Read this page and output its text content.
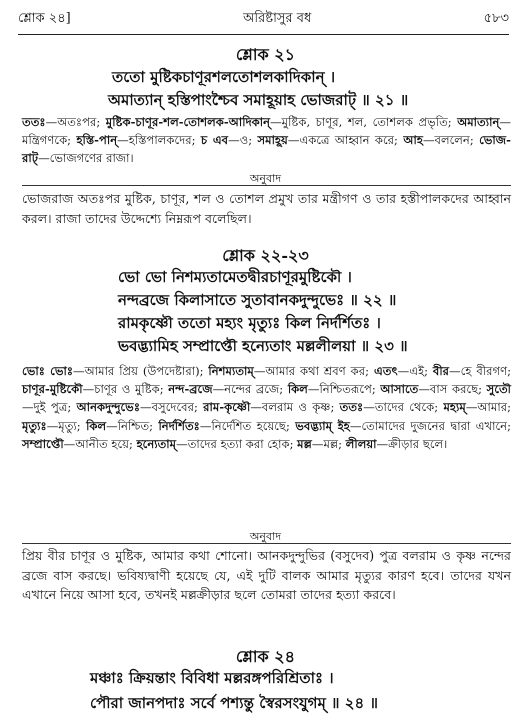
শ্লোক ২৪]	অরিষ্টাসুর বধ	৫৮৩
শ্লোক ২১
ততো মুষ্টিকচাণূরশলতোশলকাদিকান্ ।
অমাত্যান্ হস্তিপাংশ্চৈব সমাহূয়াহ ভোজরাট্ ॥ ২১ ॥
ততঃ—অতঃপর; মুষ্টিক-চাণূর-শল-তোশলক-আদিকান্—মুষ্টিক, চাণূর, শল, তোশলক প্রভৃতি; অমাত্যান্—মন্ত্রিগণকে; হস্তি-পান্—হস্তিপালকদের; চ এব—ও; সমাহূয়—একত্রে আহ্বান করে; আহ—বললেন; ভোজ-রাট্—ভোজগণের রাজা।
অনুবাদ
ভোজরাজ অতঃপর মুষ্টিক, চাণূর, শল ও তোশল প্রমুখ তার মন্ত্রীগণ ও তার হস্তীপালকদের আহ্বান করল। রাজা তাদের উদ্দেশ্যে নিম্নরূপ বলেছিল।
শ্লোক ২২-২৩
ভো ভো নিশম্যতামেতদ্বীরচাণূরমুষ্টিকৌ ।
নন্দব্রজে কিলাসাতে সুতাবানকদুন্দুভেঃ ॥ ২২ ॥
রামকৃষ্ণৌ ততো মহ্যং মৃত্যুঃ কিল নির্দর্শিতঃ ।
ভবদ্ভ্যামিহ সম্প্রাপ্তৌ হন্যেতাং মল্ললীলয়া ॥ ২৩ ॥
ভোঃ ভোঃ—আমার প্রিয় (উপদেষ্টারা); নিশম্যতাম্—আমার কথা শ্রবণ কর; এতৎ—এই; বীর—হে বীরগণ; চাণূর-মুষ্টিকৌ—চাণূর ও মুষ্টিক; নন্দ-ব্রজে—নন্দের ব্রজে; কিল—নিশ্চিতরূপে; আসাতে—বাস করছে; সুতৌ—দুই পুত্র; আনকদুন্দুভেঃ—বসুদেবের; রাম-কৃষ্ণৌ—বলরাম ও কৃষ্ণ; ততঃ—তাদের থেকে; মহ্যম্—আমার; মৃত্যুঃ—মৃত্যু; কিল—নিশ্চিত; নির্দর্শিতঃ—নির্দেশিত হয়েছে; ভবদ্ভ্যাম্ ইহ—তোমাদের দুজনের দ্বারা এখানে; সম্প্রাপ্তৌ—আনীত হয়ে; হন্যেতাম্—তাদের হত্যা করা হোক; মল্ল—মল্ল; লীলয়া—ক্রীড়ার ছলে।
অনুবাদ
প্রিয় বীর চাণূর ও মুষ্টিক, আমার কথা শোনো। আনকদুন্দুভির (বসুদেব) পুত্র বলরাম ও কৃষ্ণ নন্দের ব্রজে বাস করছে। ভবিষ্যদ্বাণী হয়েছে যে, এই দুটি বালক আমার মৃত্যুর কারণ হবে। তাদের যখন এখানে নিয়ে আসা হবে, তখনই মল্লক্রীড়ার ছলে তোমরা তাদের হত্যা করবে।
শ্লোক ২৪
মঞ্চাঃ ক্রিয়ন্তাং বিবিধা মল্লরঙ্গপরিশ্রিতাঃ ।
পৌরা জানপদাঃ সর্বে পশ্যন্তু স্বৈরসংযুগম্ ॥ ২৪ ॥
